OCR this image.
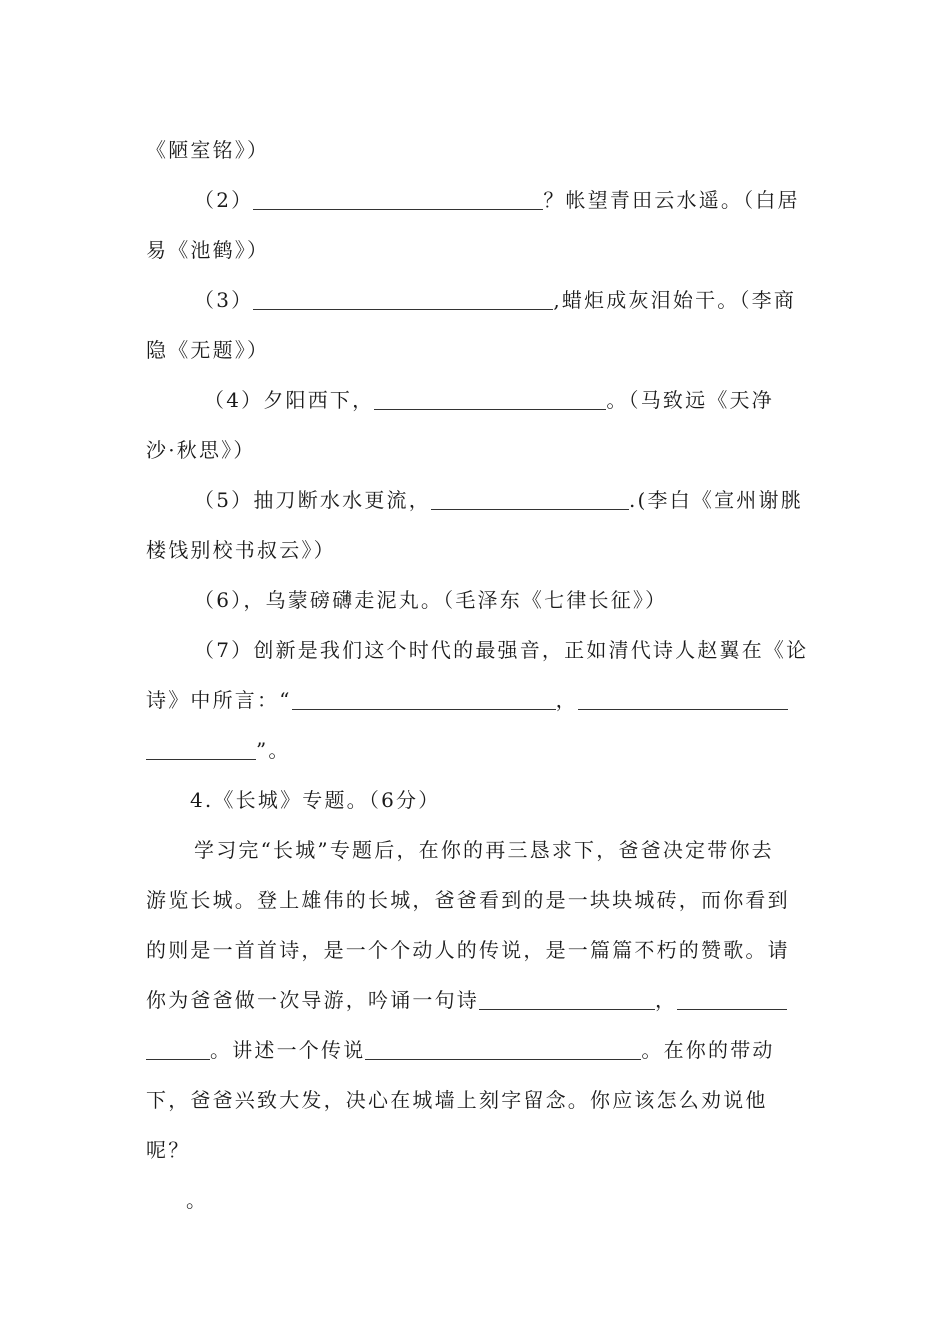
《陋室铭》）
（2）	？帐望青田云水遥。（白居
易《池鹤》）
（3）	,蜡炬成灰泪始干。（李商
隐《无题》）
（4）夕阳西下，	。（马致远《天净
沙·秋思》）
（5）抽刀断水水更流，	.(李白《宣州谢朓
楼饯别校书叔云》）
（6），乌蒙磅礴走泥丸。（毛泽东《七律长征》）
（7）创新是我们这个时代的最强音，正如清代诗人赵翼在《论
诗》中所言：“	，
”。
4.《长城》专题。（6分）
学习完“长城”专题后，在你的再三恳求下，爸爸决定带你去
游览长城。登上雄伟的长城，爸爸看到的是一块块城砖，而你看到
的则是一首首诗，是一个个动人的传说，是一篇篇不朽的赞歌。请
你为爸爸做一次导游，吟诵一句诗	，
。讲述一个传说	。在你的带动
下，爸爸兴致大发，决心在城墙上刻字留念。你应该怎么劝说他
呢？
。
